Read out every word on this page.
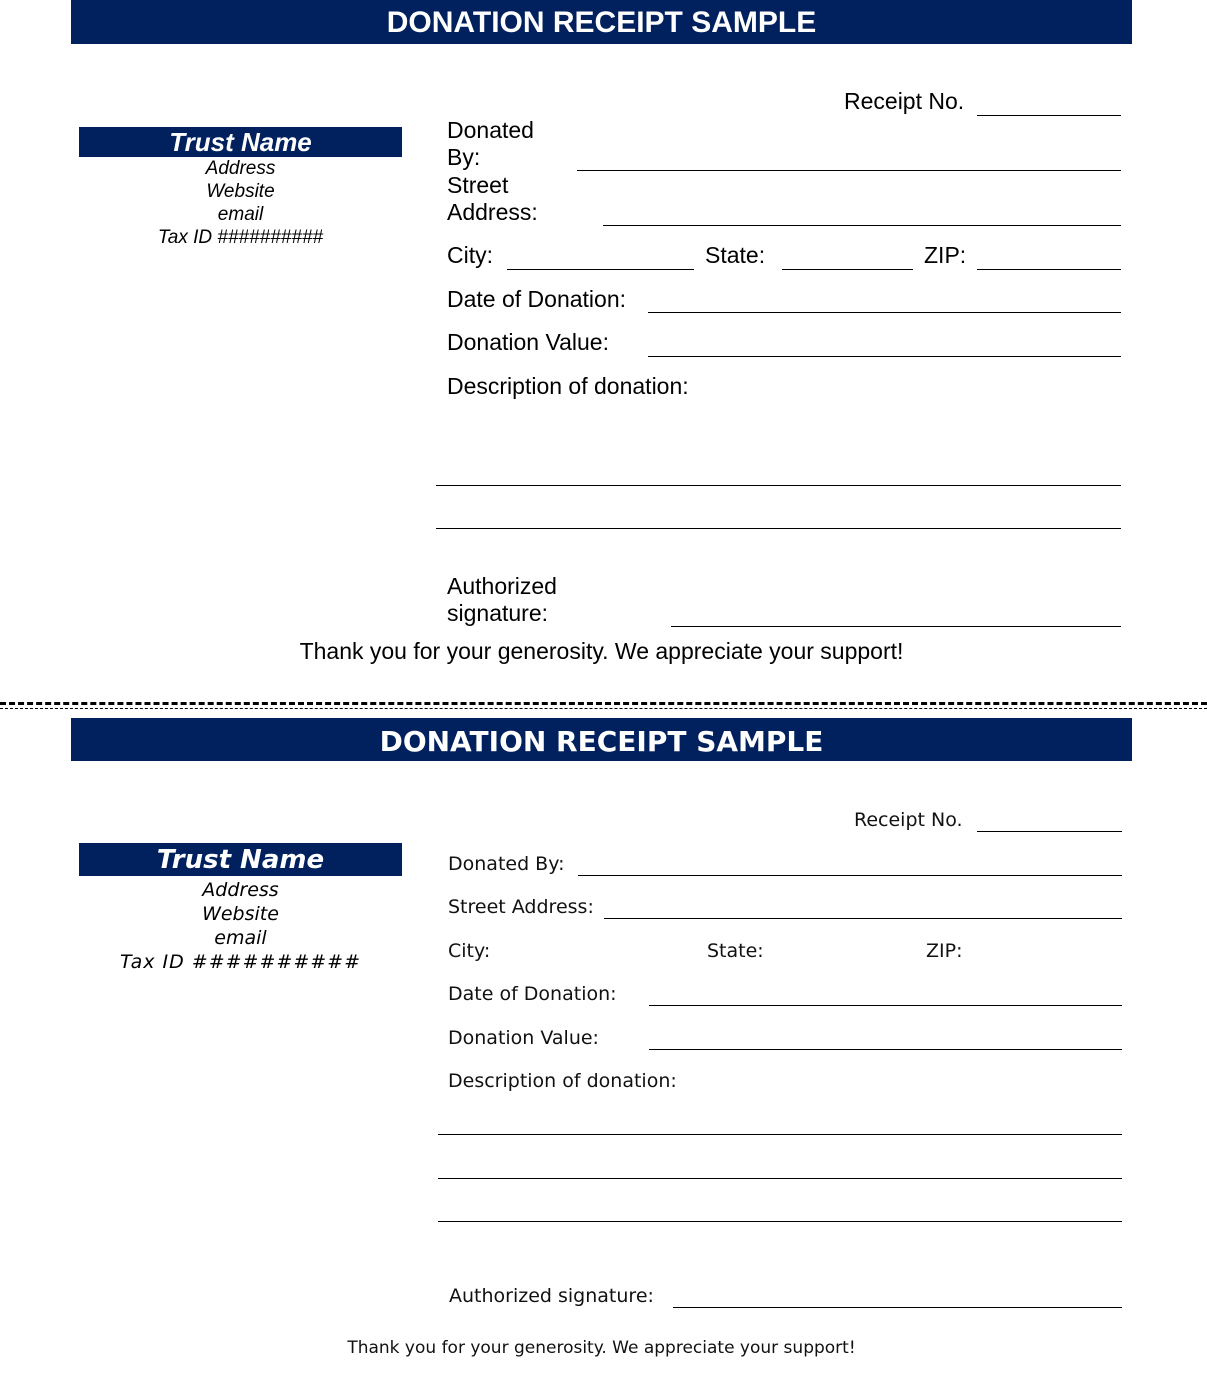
DONATION RECEIPT SAMPLE
Trust Name
Address
Website
email
Tax ID ##########
Receipt No.
Donated
By:
Street
Address:
City:	State:	ZIP:
Date of Donation:
Donation Value:
Description of donation:
Authorized
signature:
Thank you for your generosity. We appreciate your support!
DONATION RECEIPT SAMPLE
Trust Name
Address
Website
email
Tax ID ##########
Receipt No.
Donated By:
Street Address:
City:	State:	ZIP:
Date of Donation:
Donation Value:
Description of donation:
Authorized signature:
Thank you for your generosity. We appreciate your support!
